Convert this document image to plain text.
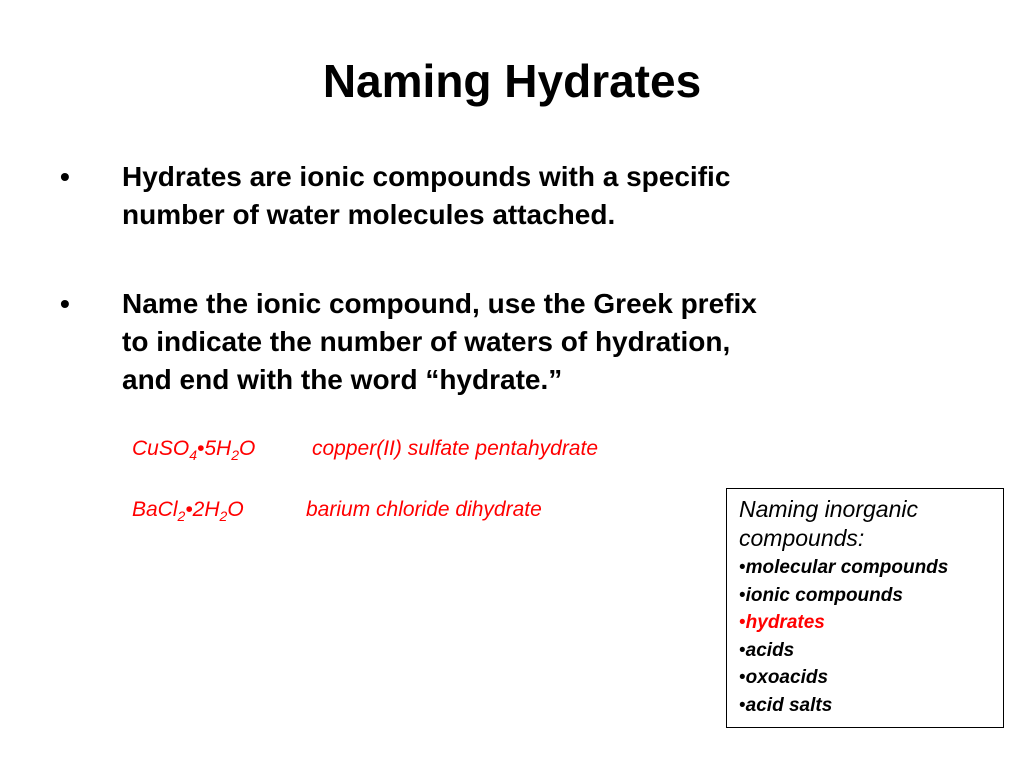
Naming Hydrates
•	Hydrates are ionic compounds with a specific
number of water molecules attached.
•	Name the ionic compound, use the Greek prefix
to indicate the number of waters of hydration,
and end with the word “hydrate.”
$CuSO_4•5H_2O$	copper(II) sulfate pentahydrate
$BaCl_2•2H_2O$	barium chloride dihydrate	Naming inorganic
compounds:
•molecular compounds
•ionic compounds
•hydrates
•acids
•oxoacids
•acid salts
